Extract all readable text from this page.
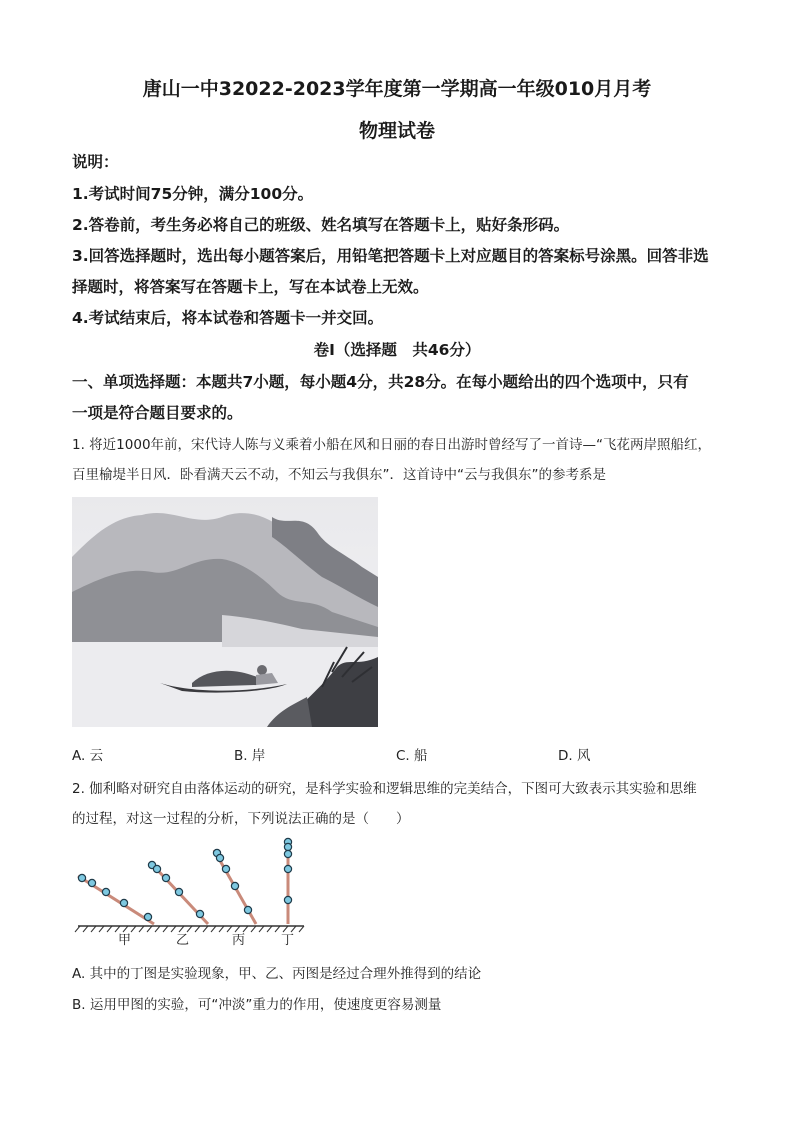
唐山一中32022-2023学年度第一学期高一年级010月月考
物理试卷
说明：
1.考试时间75分钟，满分100分。
2.答卷前，考生务必将自己的班级、姓名填写在答题卡上，贴好条形码。
3.回答选择题时，选出每小题答案后，用铅笔把答题卡上对应题目的答案标号涂黑。回答非选
择题时，将答案写在答题卡上，写在本试卷上无效。
4.考试结束后，将本试卷和答题卡一并交回。
卷Ⅰ（选择题　共46分）
一、单项选择题：本题共7小题，每小题4分，共28分。在每小题给出的四个选项中，只有
一项是符合题目要求的。
1. 将近1000年前，宋代诗人陈与义乘着小船在风和日丽的春日出游时曾经写了一首诗—“飞花两岸照船红，
百里榆堤半日风．卧看满天云不动，不知云与我俱东”．这首诗中“云与我俱东”的参考系是
A. 云	B. 岸	C. 船	D. 风
2. 伽利略对研究自由落体运动的研究，是科学实验和逻辑思维的完美结合，下图可大致表示其实验和思维
的过程，对这一过程的分析，下列说法正确的是（　　）
甲	乙	丙	丁
A. 其中的丁图是实验现象，甲、乙、丙图是经过合理外推得到的结论
B. 运用甲图的实验，可“冲淡”重力的作用，使速度更容易测量
